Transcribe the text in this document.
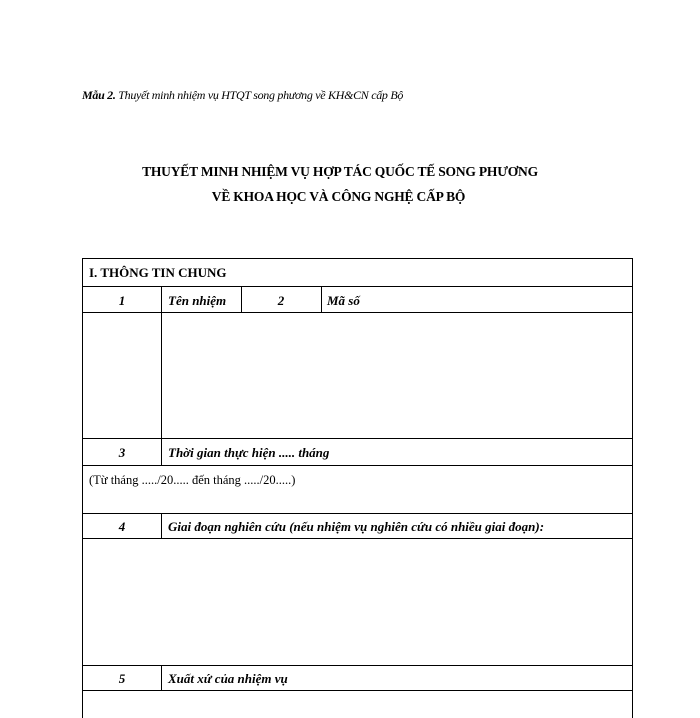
Mẫu 2. Thuyết minh nhiệm vụ HTQT song phương về KH&CN cấp Bộ
THUYẾT MINH NHIỆM VỤ HỢP TÁC QUỐC TẾ SONG PHƯƠNG
VỀ KHOA HỌC VÀ CÔNG NGHỆ CẤP BỘ
I. THÔNG TIN CHUNG
1	Tên nhiệm	2	Mã số
3	Thời gian thực hiện ..... tháng
(Từ tháng ...../20..... đến tháng ...../20.....)
4	Giai đoạn nghiên cứu (nếu nhiệm vụ nghiên cứu có nhiều giai đoạn):
5	Xuất xứ của nhiệm vụ
